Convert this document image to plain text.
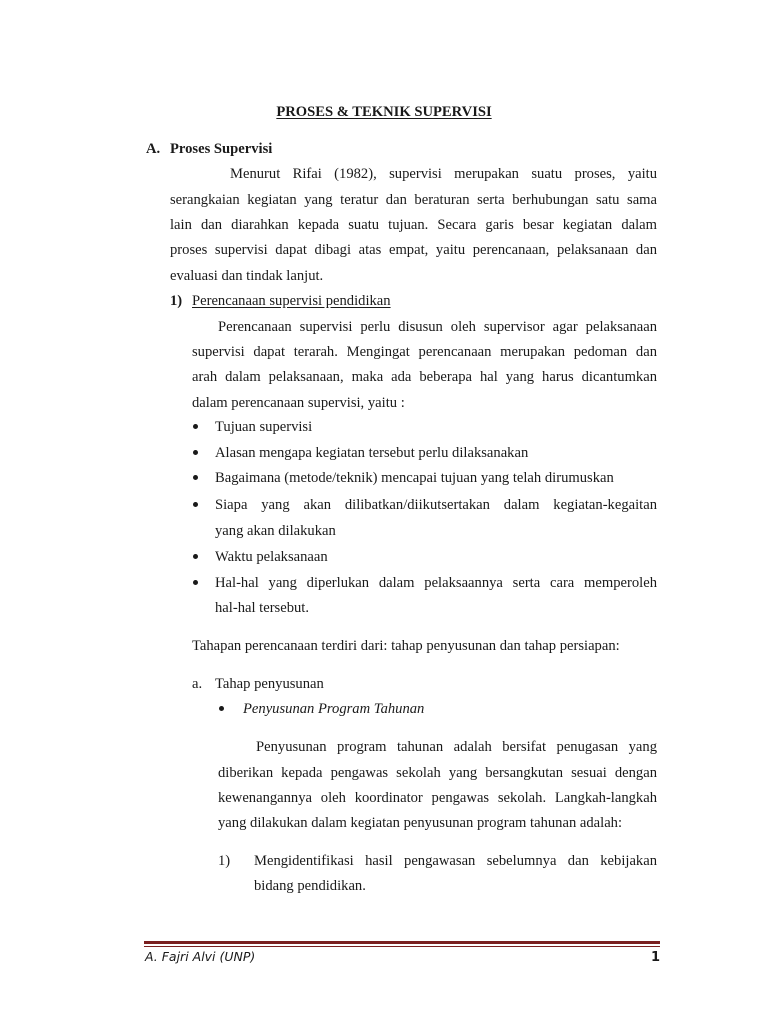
PROSES & TEKNIK SUPERVISI
A. Proses Supervisi
Menurut Rifai (1982), supervisi merupakan suatu proses, yaitu
serangkaian kegiatan yang teratur dan beraturan serta berhubungan satu sama
lain dan diarahkan kepada suatu tujuan. Secara garis besar kegiatan dalam
proses supervisi dapat dibagi atas empat, yaitu perencanaan, pelaksanaan dan
evaluasi dan tindak lanjut.
1) Perencanaan supervisi pendidikan
Perencanaan supervisi perlu disusun oleh supervisor agar pelaksanaan
supervisi dapat terarah. Mengingat perencanaan merupakan pedoman dan
arah dalam pelaksanaan, maka ada beberapa hal yang harus dicantumkan
dalam perencanaan supervisi, yaitu :
Tujuan supervisi
Alasan mengapa kegiatan tersebut perlu dilaksanakan
Bagaimana (metode/teknik) mencapai tujuan yang telah dirumuskan
Siapa yang akan dilibatkan/diikutsertakan dalam kegiatan-kegaitan
yang akan dilakukan
Waktu pelaksanaan
Hal-hal yang diperlukan dalam pelaksaannya serta cara memperoleh
hal-hal tersebut.
Tahapan perencanaan terdiri dari: tahap penyusunan dan tahap persiapan:
a. Tahap penyusunan
Penyusunan Program Tahunan
Penyusunan program tahunan adalah bersifat penugasan yang
diberikan kepada pengawas sekolah yang bersangkutan sesuai dengan
kewenangannya oleh koordinator pengawas sekolah. Langkah-langkah
yang dilakukan dalam kegiatan penyusunan program tahunan adalah:
1) Mengidentifikasi hasil pengawasan sebelumnya dan kebijakan
bidang pendidikan.
A. Fajri Alvi (UNP)	1
